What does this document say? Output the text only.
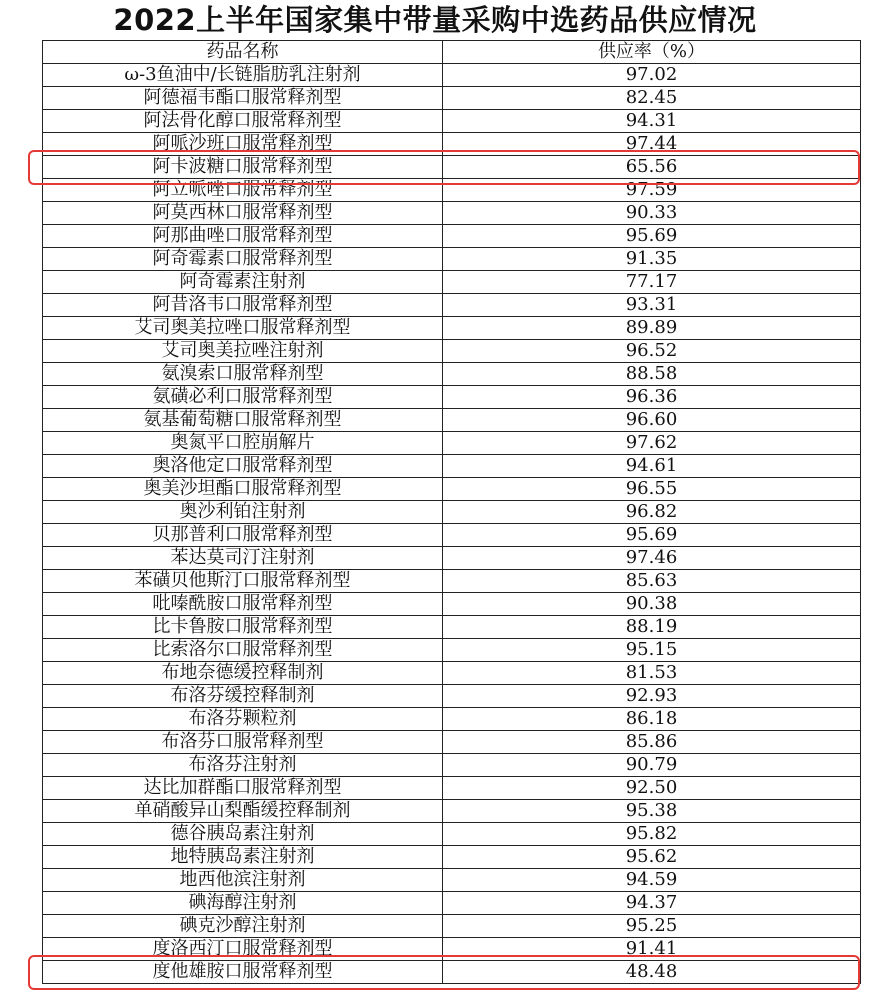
2022上半年国家集中带量采购中选药品供应情况
药品名称	供应率（%）
ω-3鱼油中/长链脂肪乳注射剂	97.02
阿德福韦酯口服常释剂型	82.45
阿法骨化醇口服常释剂型	94.31
阿哌沙班口服常释剂型	97.44
阿卡波糖口服常释剂型	65.56
阿立哌唑口服常释剂型	97.59
阿莫西林口服常释剂型	90.33
阿那曲唑口服常释剂型	95.69
阿奇霉素口服常释剂型	91.35
阿奇霉素注射剂	77.17
阿昔洛韦口服常释剂型	93.31
艾司奥美拉唑口服常释剂型	89.89
艾司奥美拉唑注射剂	96.52
氨溴索口服常释剂型	88.58
氨磺必利口服常释剂型	96.36
氨基葡萄糖口服常释剂型	96.60
奥氮平口腔崩解片	97.62
奥洛他定口服常释剂型	94.61
奥美沙坦酯口服常释剂型	96.55
奥沙利铂注射剂	96.82
贝那普利口服常释剂型	95.69
苯达莫司汀注射剂	97.46
苯磺贝他斯汀口服常释剂型	85.63
吡嗪酰胺口服常释剂型	90.38
比卡鲁胺口服常释剂型	88.19
比索洛尔口服常释剂型	95.15
布地奈德缓控释制剂	81.53
布洛芬缓控释制剂	92.93
布洛芬颗粒剂	86.18
布洛芬口服常释剂型	85.86
布洛芬注射剂	90.79
达比加群酯口服常释剂型	92.50
单硝酸异山梨酯缓控释制剂	95.38
德谷胰岛素注射剂	95.82
地特胰岛素注射剂	95.62
地西他滨注射剂	94.59
碘海醇注射剂	94.37
碘克沙醇注射剂	95.25
度洛西汀口服常释剂型	91.41
度他雄胺口服常释剂型	48.48
